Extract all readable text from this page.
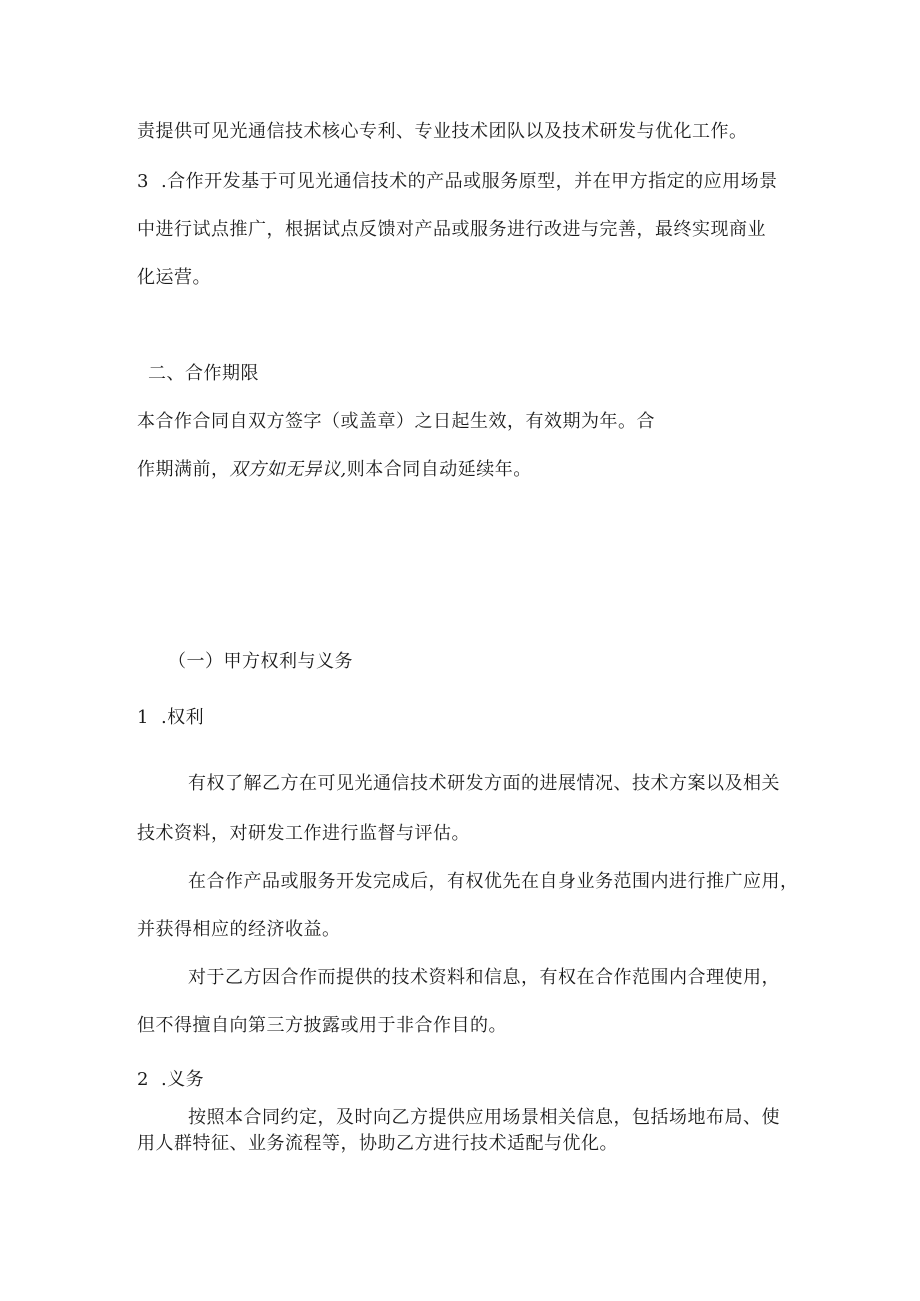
责提供可见光通信技术核心专利、专业技术团队以及技术研发与优化工作。
3 .合作开发基于可见光通信技术的产品或服务原型，并在甲方指定的应用场景
中进行试点推广，根据试点反馈对产品或服务进行改进与完善，最终实现商业
化运营。
二、合作期限
本合作合同自双方签字（或盖章）之日起生效，有效期为年。合
作期满前，双方如无异议,则本合同自动延续年。
（一）甲方权利与义务
1 .权利
有权了解乙方在可见光通信技术研发方面的进展情况、技术方案以及相关
技术资料，对研发工作进行监督与评估。
在合作产品或服务开发完成后，有权优先在自身业务范围内进行推广应用，
并获得相应的经济收益。
对于乙方因合作而提供的技术资料和信息，有权在合作范围内合理使用，
但不得擅自向第三方披露或用于非合作目的。
2 .义务
按照本合同约定，及时向乙方提供应用场景相关信息，包括场地布局、使
用人群特征、业务流程等，协助乙方进行技术适配与优化。
